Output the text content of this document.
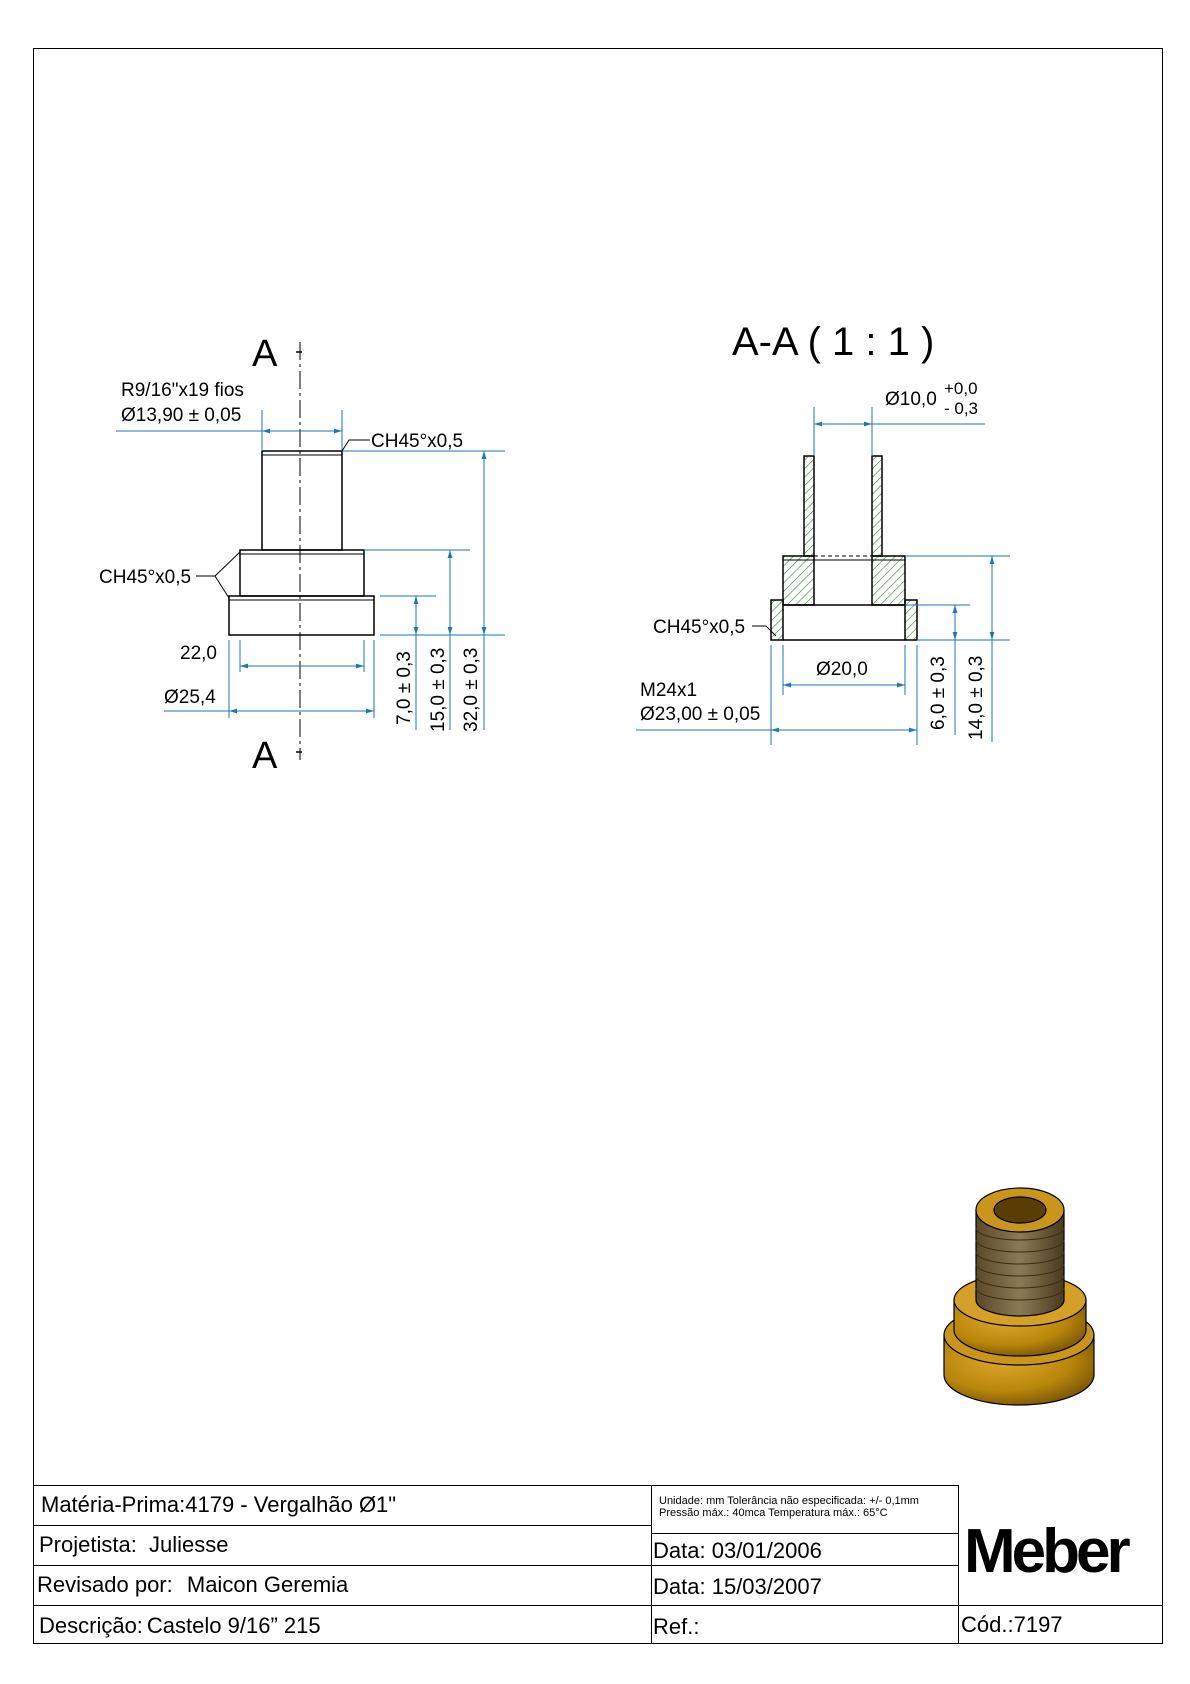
A
A
R9/16"x19 fios
Ø13,90 ± 0,05
CH45°x0,5
CH45°x0,5
22,0
Ø25,4	7,0 ± 0,3 15,0 ± 0,3 32,0 ± 0,3
A-A ( 1 : 1 )
Ø10,0
+0,0
- 0,3
CH45°x0,5
Ø20,0
M24x1
Ø23,00 ± 0,05	6,0 ± 0,3 14,0 ± 0,3
Matéria-Prima:4179 - Vergalhão Ø1"	Unidade: mm Tolerância não especificada: +/- 0,1mm
Pressão máx.: 40mca Temperatura máx.: 65°C
Projetista: Juliesse	Data: 03/01/2006
Revisado por: Maicon Geremia	Data: 15/03/2007
Descrição: Castelo 9/16” 215	Ref.:
Meber
Cód.:7197
